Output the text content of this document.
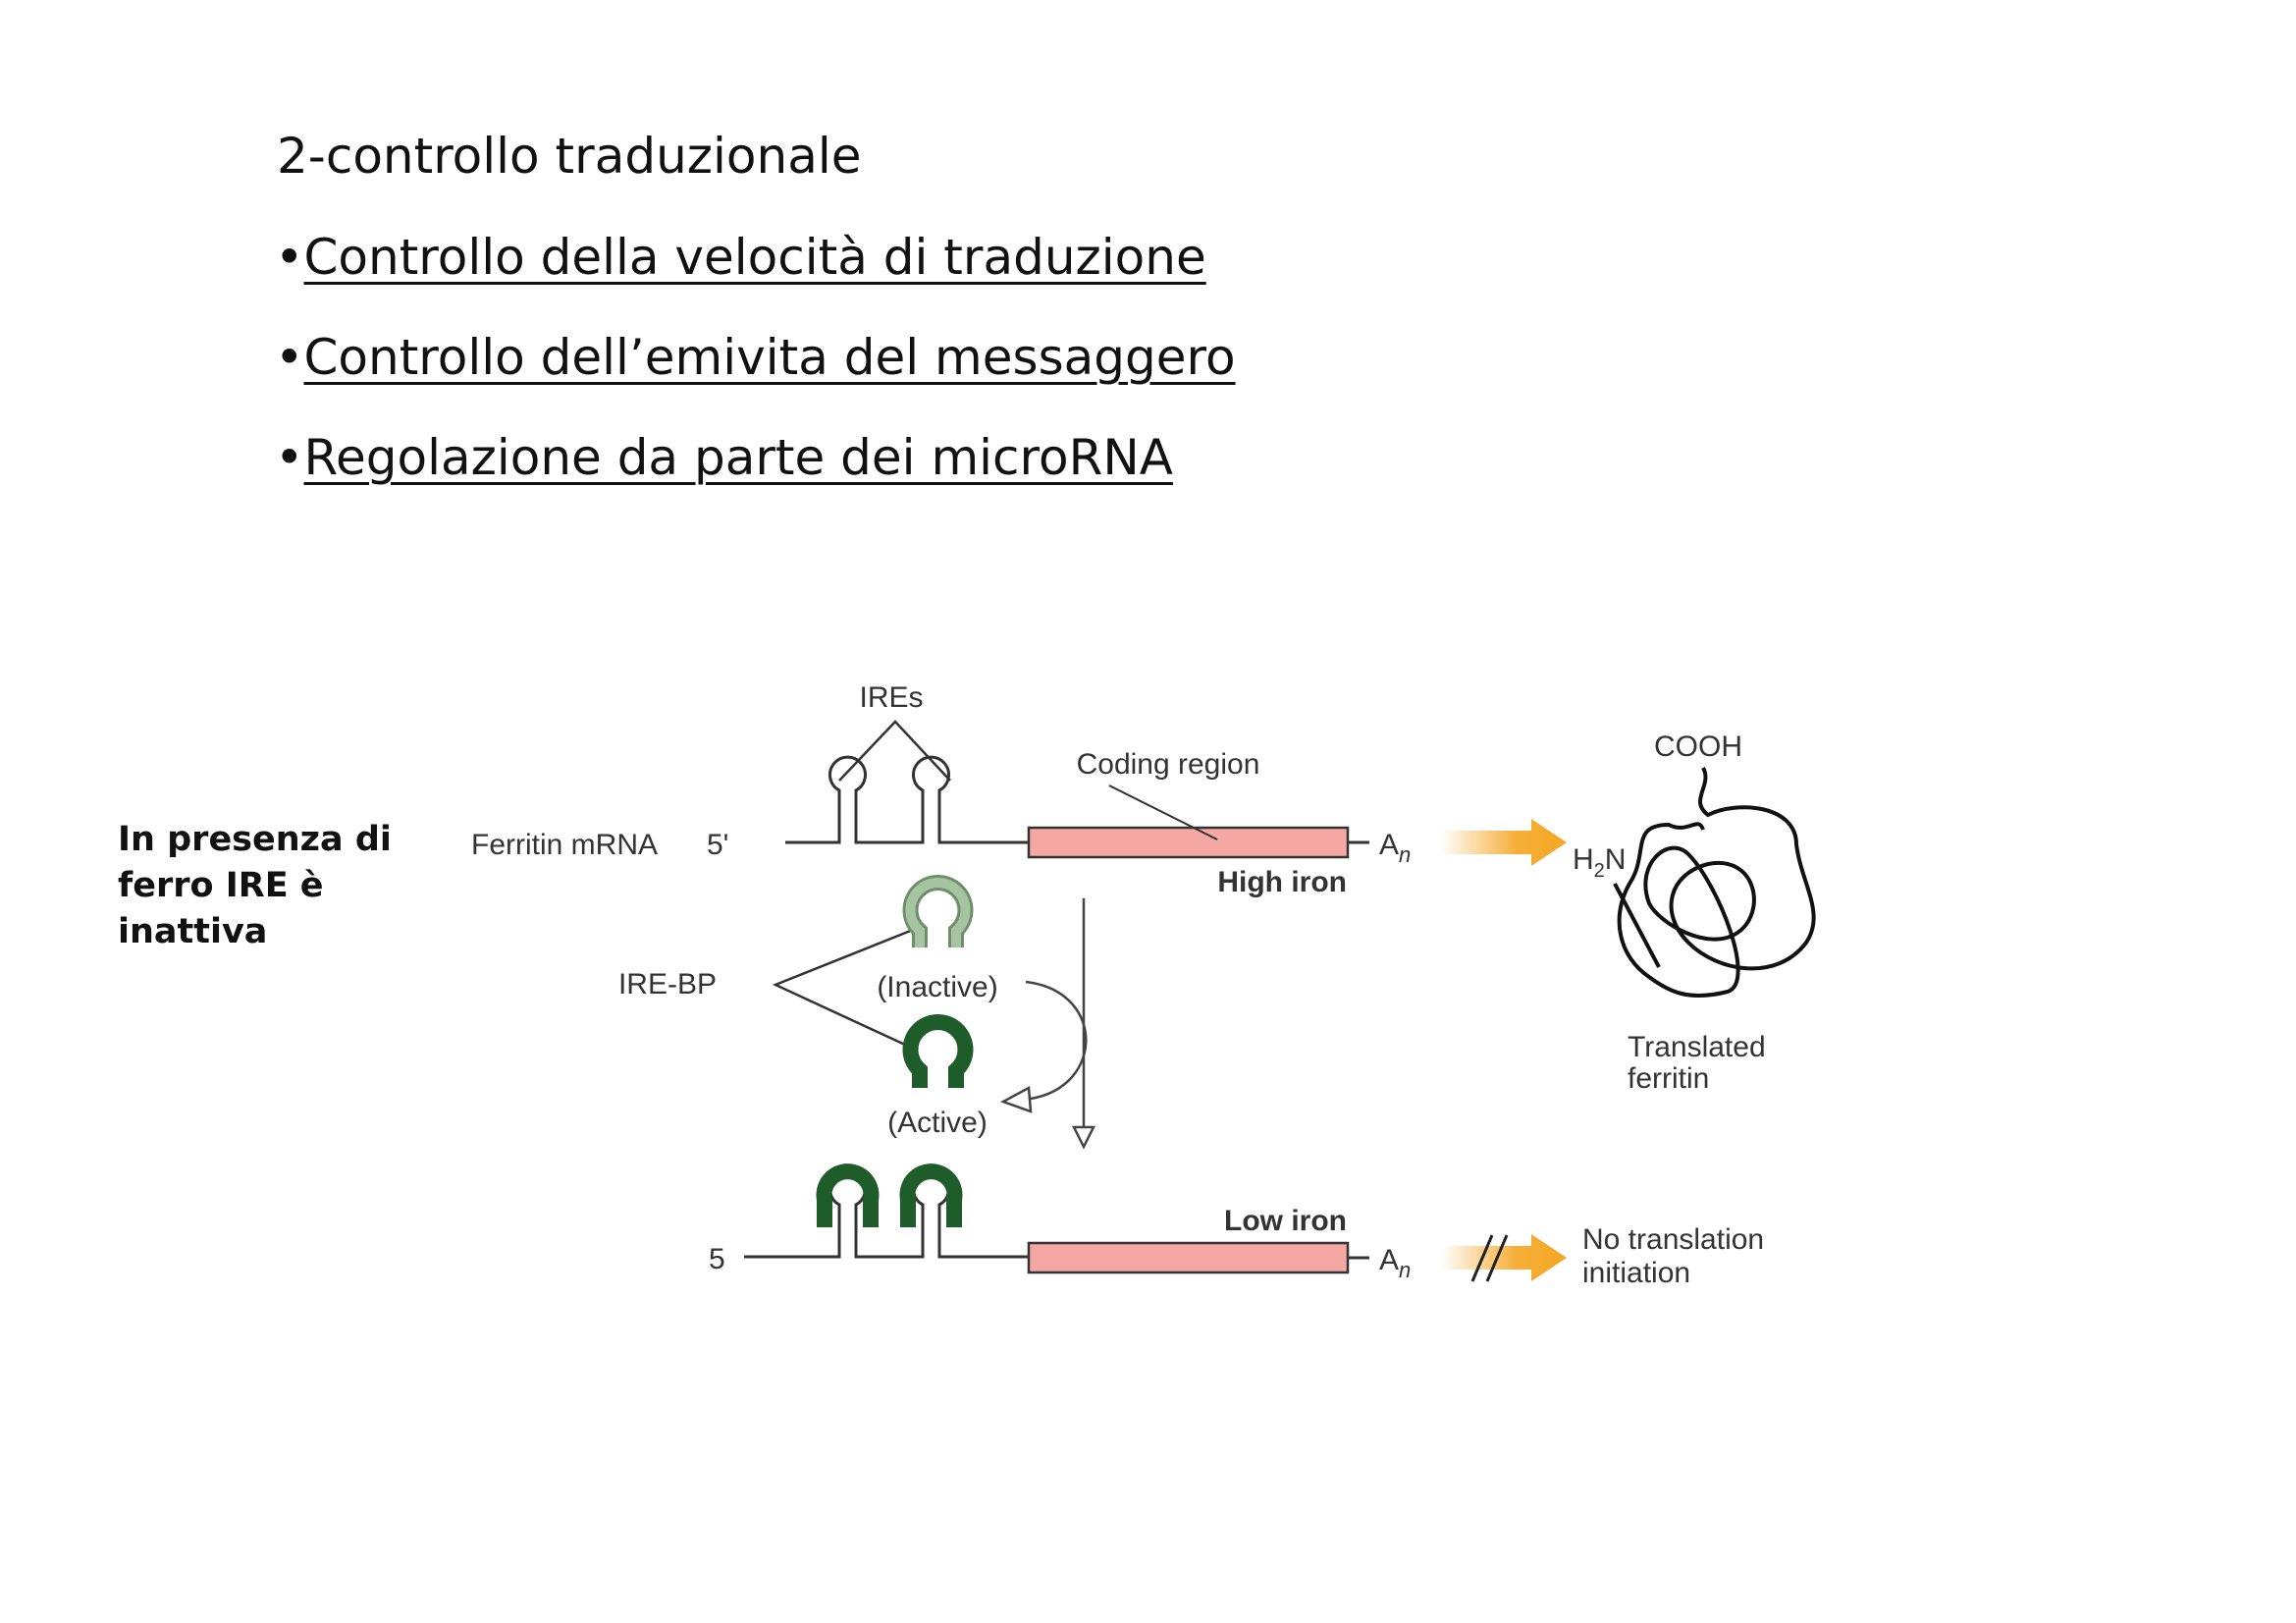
2-controllo traduzionale
•Controllo della velocità di traduzione
•Controllo dell’emivita del messaggero
•Regolazione da parte dei microRNA
In presenza di ferro IRE è inattiva
IREs
Ferritin mRNA 5'	$A_n$
Coding region
High iron
COOH
$H_2N$
Translated
ferritin
IRE-BP	(Inactive)
(Active)
5	$A_n$
Low iron
No translation
initiation
